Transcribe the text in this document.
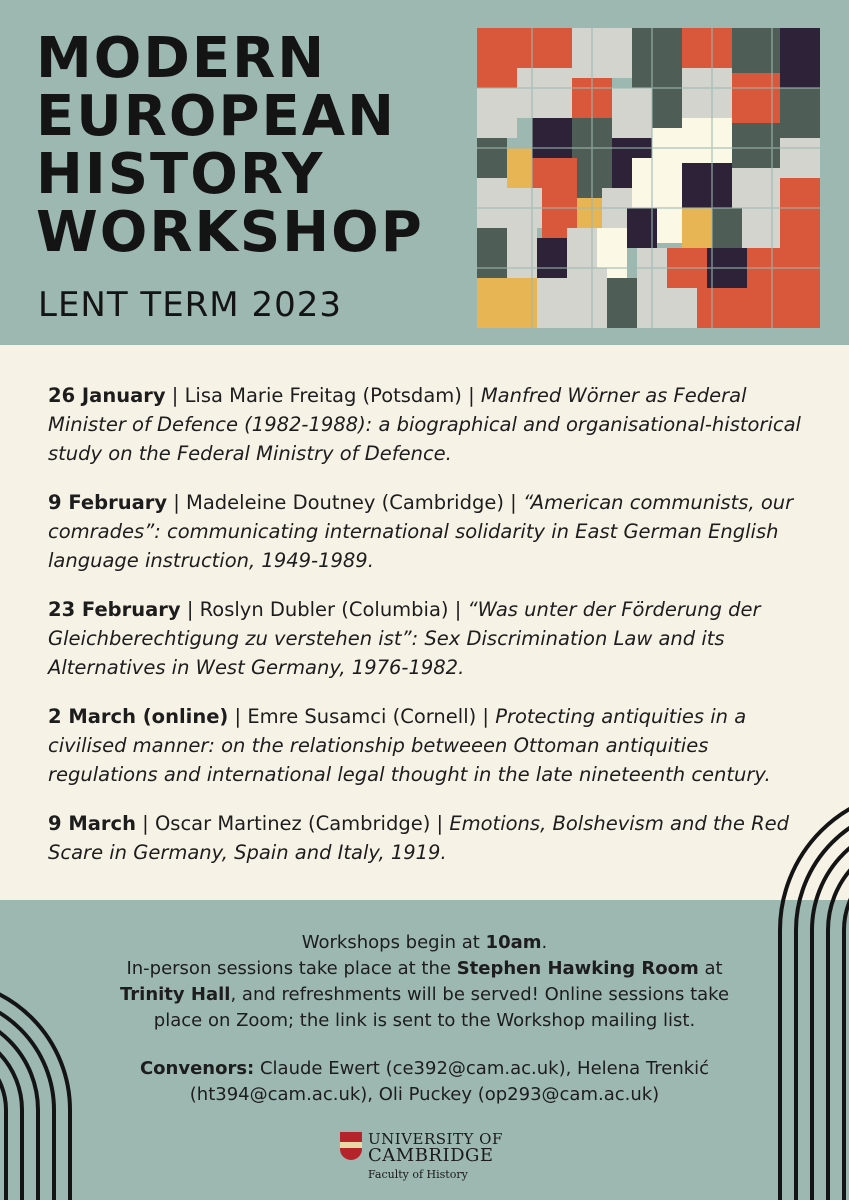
MODERN
EUROPEAN
HISTORY
WORKSHOP
LENT TERM 2023

26 January | Lisa Marie Freitag (Potsdam) | Manfred Wörner as Federal Minister of Defence (1982-1988): a biographical and organisational-historical study on the Federal Ministry of Defence.

9 February | Madeleine Doutney (Cambridge) | “American communists, our comrades”: communicating international solidarity in East German English language instruction, 1949-1989.

23 February | Roslyn Dubler (Columbia) | “Was unter der Förderung der Gleichberechtigung zu verstehen ist”: Sex Discrimination Law and its Alternatives in West Germany, 1976-1982.

2 March (online) | Emre Susamci (Cornell) | Protecting antiquities in a civilised manner: on the relationship betweeen Ottoman antiquities regulations and international legal thought in the late nineteenth century.

9 March | Oscar Martinez (Cambridge) | Emotions, Bolshevism and the Red Scare in Germany, Spain and Italy, 1919.

Workshops begin at 10am.
In-person sessions take place at the Stephen Hawking Room at Trinity Hall, and refreshments will be served! Online sessions take place on Zoom; the link is sent to the Workshop mailing list.

Convenors: Claude Ewert (ce392@cam.ac.uk), Helena Trenkić (ht394@cam.ac.uk), Oli Puckey (op293@cam.ac.uk)

UNIVERSITY OF
CAMBRIDGE
Faculty of History
